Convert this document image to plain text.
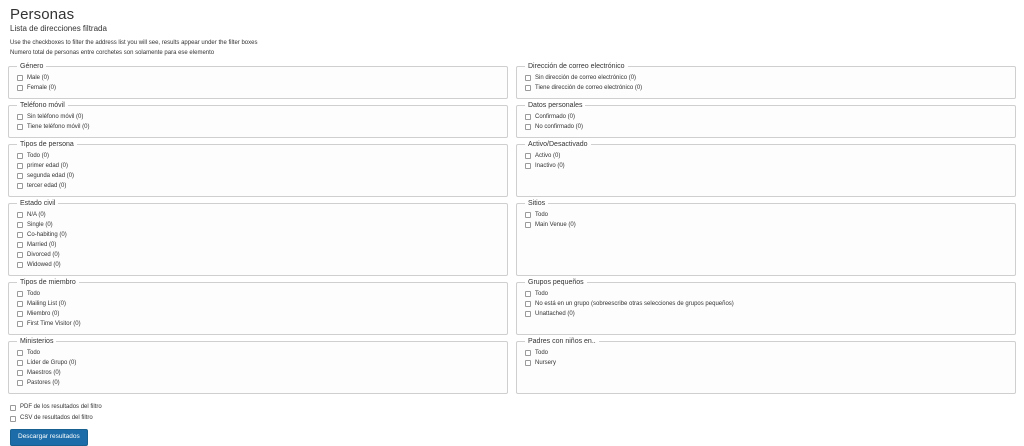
Personas
Lista de direcciones filtrada
Use the checkboxes to filter the address list you will see, results appear under the filter boxes
Numero total de personas entre corchetes son solamente para ese elemento
Género
Male (0)
Female (0)
Dirección de correo electrónico
Sin dirección de correo electrónico (0)
Tiene dirección de correo electrónico (0)
Teléfono móvil
Sin teléfono móvil (0)
Tiene teléfono móvil (0)
Datos personales
Confirmado (0)
No confirmado (0)
Tipos de persona
Todo (0)
primer edad (0)
segunda edad (0)
tercer edad (0)
Activo/Desactivado
Activo (0)
Inactivo (0)
Estado civil
N/A (0)
Single (0)
Co-habiting (0)
Married (0)
Divorced (0)
Widowed (0)
Sitios
Todo
Main Venue (0)
Tipos de miembro
Todo
Mailing List (0)
Miembro (0)
First Time Visitor (0)
Grupos pequeños
Todo
No está en un grupo (sobreescribe otras selecciones de grupos pequeños)
Unattached (0)
Ministerios
Todo
Líder de Grupo (0)
Maestros (0)
Pastores (0)
Padres con niños en..
Todo
Nursery
PDF de los resultados del filtro
CSV de resultados del filtro
Descargar resultados
